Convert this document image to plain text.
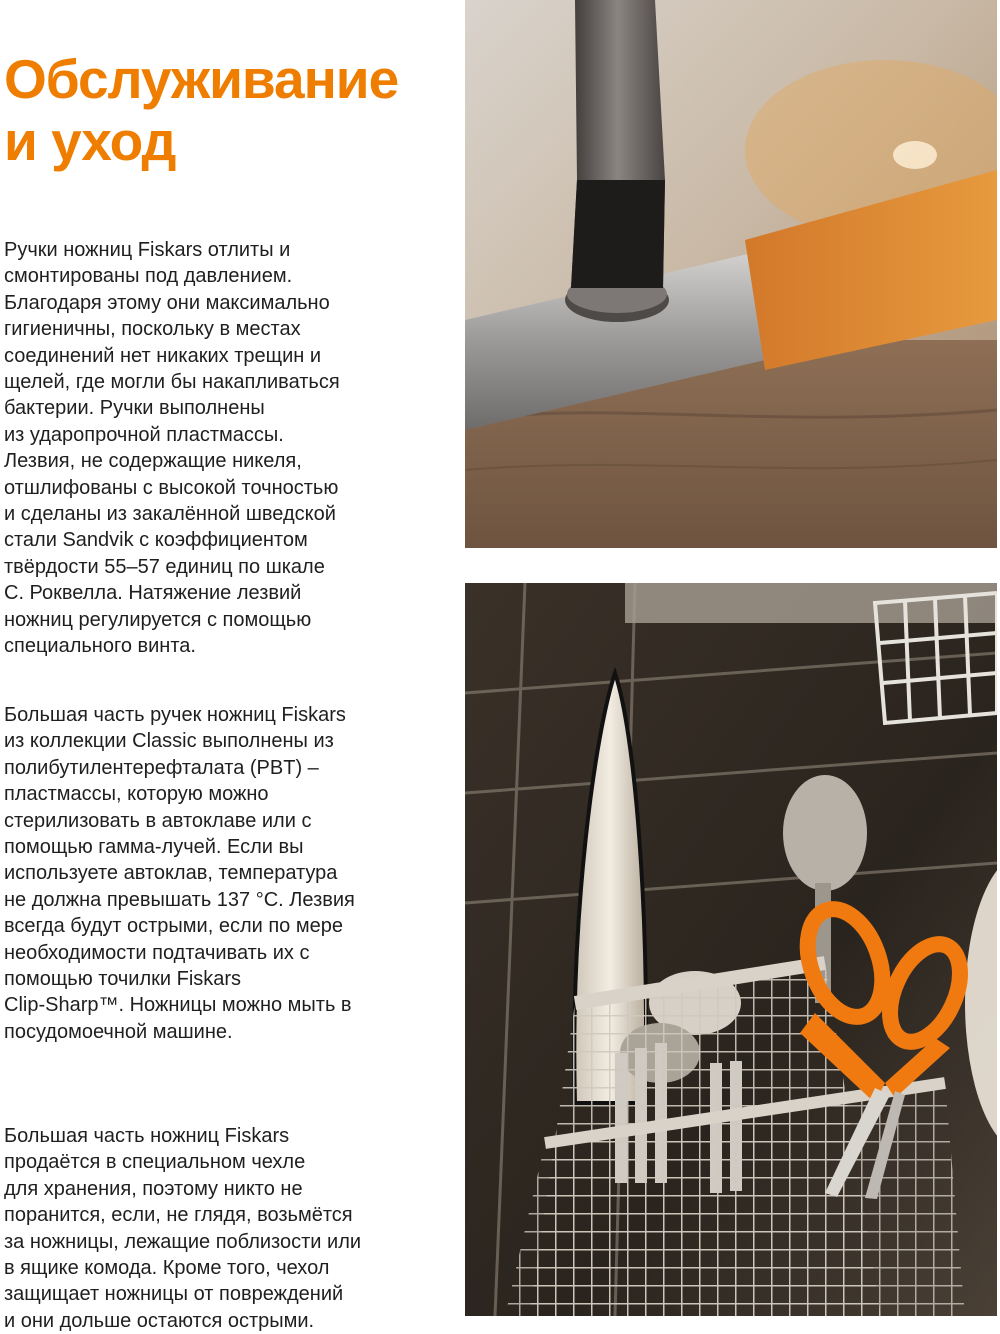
Обслуживание
и уход

Ручки ножниц Fiskars отлиты и
смонтированы под давлением.
Благодаря этому они максимально
гигиеничны, поскольку в местах
соединений нет никаких трещин и
щелей, где могли бы накапливаться
бактерии. Ручки выполнены
из ударопрочной пластмассы.
Лезвия, не содержащие никеля,
отшлифованы с высокой точностью
и сделаны из закалённой шведской
стали Sandvik с коэффициентом
твёрдости 55–57 единиц по шкале
С. Роквелла. Натяжение лезвий
ножниц регулируется с помощью
специального винта.

Большая часть ручек ножниц Fiskars
из коллекции Classic выполнены из
полибутилентерефталата (PBT) –
пластмассы, которую можно
стерилизовать в автоклаве или с
помощью гамма-лучей. Если вы
используете автоклав, температура
не должна превышать 137 °С. Лезвия
всегда будут острыми, если по мере
необходимости подтачивать их с
помощью точилки Fiskars
Clip-Sharp™. Ножницы можно мыть в
посудомоечной машине.

Большая часть ножниц Fiskars
продаётся в специальном чехле
для хранения, поэтому никто не
поранится, если, не глядя, возьмётся
за ножницы, лежащие поблизости или
в ящике комода. Кроме того, чехол
защищает ножницы от повреждений
и они дольше остаются острыми.
